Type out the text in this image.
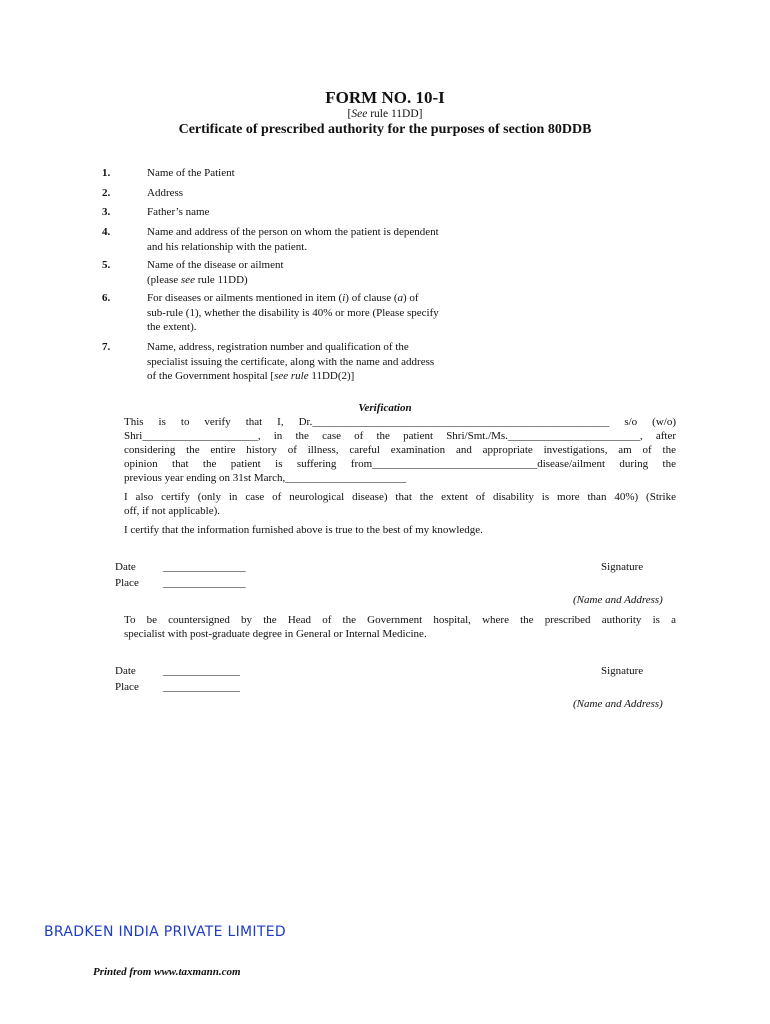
FORM NO. 10-I
[See rule 11DD]
Certificate of prescribed authority for the purposes of section 80DDB
1.	Name of the Patient
2.	Address
3.	Father’s name
4.	Name and address of the person on whom the patient is dependent
and his relationship with the patient.
5.	Name of the disease or ailment
(please see rule 11DD)
6.	For diseases or ailments mentioned in item (i) of clause (a) of
sub-rule (1), whether the disability is 40% or more (Please specify
the extent).
7.	Name, address, registration number and qualification of the
specialist issuing the certificate, along with the name and address
of the Government hospital [see rule 11DD(2)]
Verification
This is to verify that I, Dr.______________________________________________________ s/o (w/o)
Shri_____________________, in the case of the patient Shri/Smt./Ms.________________________, after
considering the entire history of illness, careful examination and appropriate investigations, am of the
opinion that the patient is suffering from______________________________disease/ailment during the
previous year ending on 31st March,______________________
I also certify (only in case of neurological disease) that the extent of disability is more than 40%) (Strike
off, if not applicable).
I certify that the information furnished above is true to the best of my knowledge.
Date _______________
Place _______________
Signature
(Name and Address)
To be countersigned by the Head of the Government hospital, where the prescribed authority is a
specialist with post-graduate degree in General or Internal Medicine.
Date ______________
Place ______________
Signature
(Name and Address)
BRADKEN INDIA PRIVATE LIMITED
Printed from www.taxmann.com
